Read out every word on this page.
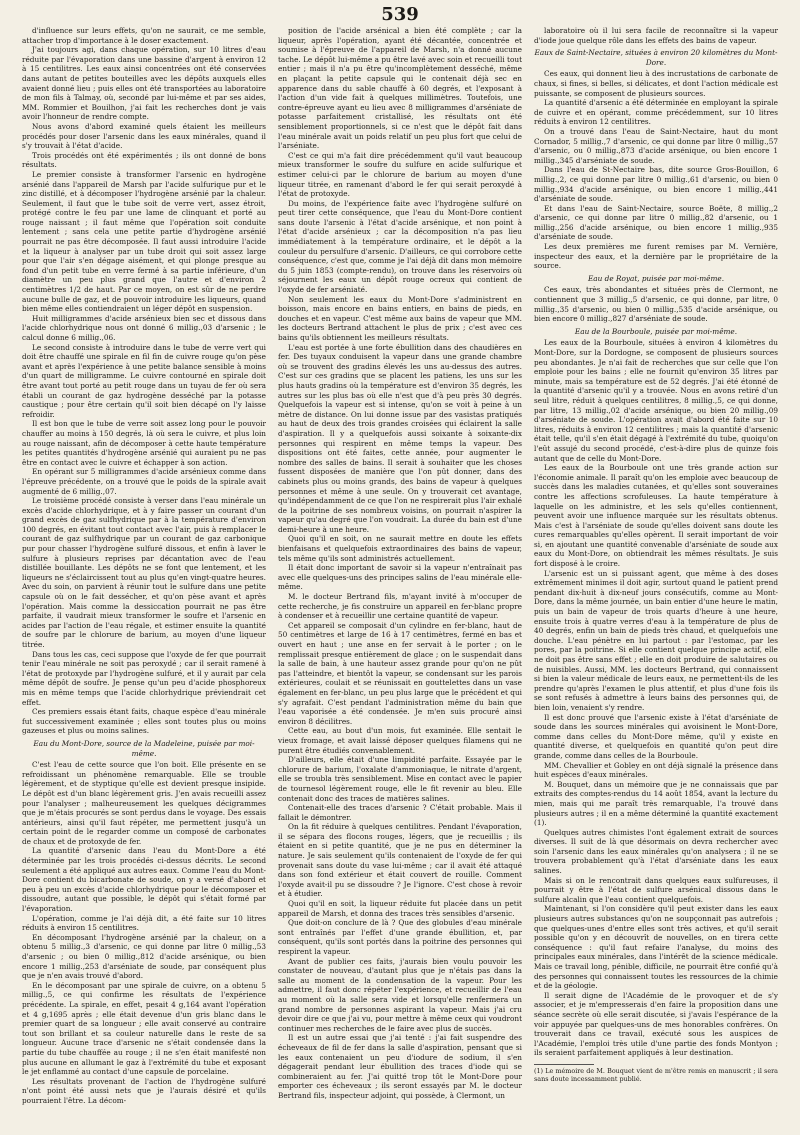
539

d'influence sur leurs effets, qu'on ne saurait, ce me semble, attacher trop d'importance à le doser exactement.

J'ai toujours agi, dans chaque opération, sur 10 litres d'eau réduite par l'évaporation dans une bassine d'argent à environ 12 à 15 centilitres. Les eaux ainsi concentrées ont été conservées dans autant de petites bouteilles avec les dépôts auxquels elles avaient donné lieu ; puis elles ont été transportées au laboratoire de mon fils à Talmay, où, secondé par lui-même et par ses aides, MM. Rommier et Bouilhon, j'ai fait les recherches dont je vais avoir l'honneur de rendre compte.

Nous avons d'abord examiné quels étaient les meilleurs procédés pour doser l'arsenic dans les eaux minérales, quand il s'y trouvait à l'état d'acide.

Trois procédés ont été expérimentés ; ils ont donné de bons résultats.

Le premier consiste à transformer l'arsenic en hydrogène arsénié dans l'appareil de Marsh par l'acide sulfurique pur et le zinc distillé, et à décomposer l'hydrogène arsénié par la chaleur. Seulement, il faut que le tube soit de verre vert, assez étroit, protégé contre le feu par une lame de clinquant et porté au rouge naissant ; il faut même que l'opération soit conduite lentement ; sans cela une petite partie d'hydrogène arsénié pourrait ne pas être décomposée. Il faut aussi introduire l'acide et la liqueur à analyser par un tube droit qui soit assez large pour que l'air s'en dégage aisément, et qui plonge presque au fond d'un petit tube en verre fermé à sa partie inférieure, d'un diamètre un peu plus grand que l'autre et d'environ 2 centimètres 1/2 de haut. Par ce moyen, on est sûr de ne perdre aucune bulle de gaz, et de pouvoir introduire les liqueurs, quand bien même elles contiendraient un léger dépôt en suspension.

Huit milligrammes d'acide arsénieux bien sec et dissous dans l'acide chlorhydrique nous ont donné 6 millig.,03 d'arsenic ; le calcul donne 6 millig.,06.

Le second consiste à introduire dans le tube de verre vert qui doit être chauffé une spirale en fil fin de cuivre rouge qu'on pèse avant et après l'expérience à une petite balance sensible à moins d'un quart de milligramme. Le cuivre contourné en spirale doit être avant tout porté au petit rouge dans un tuyau de fer où sera établi un courant de gaz hydrogène desséché par la potasse caustique ; pour être certain qu'il soit bien décapé on l'y laisse refroidir.

Il est bon que le tube de verre soit assez long pour le pouvoir chauffer au moins à 150 degrés, là où sera le cuivre, et plus loin au rouge naissant, afin de décomposer à cette haute température les petites quantités d'hydrogène arsénié qui auraient pu ne pas être en contact avec le cuivre et échapper à son action.

En opérant sur 5 milligrammes d'acide arsénieux comme dans l'épreuve précédente, on a trouvé que le poids de la spirale avait augmenté de 6 millig.,07.

Le troisième procédé consiste à verser dans l'eau minérale un excès d'acide chlorhydrique, et à y faire passer un courant d'un grand excès de gaz sulfhydrique par à la température d'environ 100 degrés, en évitant tout contact avec l'air, puis à remplacer le courant de gaz sulfhydrique par un courant de gaz carbonique pur pour chasser l'hydrogène sulfuré dissous, et enfin à laver le sulfure à plusieurs reprises par décantation avec de l'eau distillée bouillante. Les dépôts ne se font que lentement, et les liqueurs ne s'éclaircissent tout au plus qu'en vingt-quatre heures. Avec du soin, on parvient à réunir tout le sulfure dans une petite capsule où on le fait dessécher, et qu'on pèse avant et après l'opération. Mais comme la dessiccation pourrait ne pas être parfaite, il vaudrait mieux transformer le soufre et l'arsenic en acides par l'action de l'eau régale, et estimer ensuite la quantité de soufre par le chlorure de barium, au moyen d'une liqueur titrée.

Dans tous les cas, ceci suppose que l'oxyde de fer que pourrait tenir l'eau minérale ne soit pas peroxydé ; car il serait ramené à l'état de protoxyde par l'hydrogène sulfuré, et il y aurait par cela même dépôt de soufre. Je pense qu'un peu d'acide phosphoreux mis en même temps que l'acide chlorhydrique préviendrait cet effet.

Ces premiers essais étant faits, chaque espèce d'eau minérale fut successivement examinée ; elles sont toutes plus ou moins gazeuses et plus ou moins salines.

Eau du Mont-Dore, source de la Madeleine, puisée par moi-même.

C'est l'eau de cette source que l'on boit. Elle présente en se refroidissant un phénomène remarquable. Elle se trouble légèrement, et de styptique qu'elle est devient presque insipide. Le dépôt est d'un blanc légèrement gris. J'en avais recueilli assez pour l'analyser ; malheureusement les quelques décigrammes que je m'étais procurés se sont perdus dans le voyage. Des essais antérieurs, ainsi qu'il faut répéter, me permettent jusqu'à un certain point de le regarder comme un composé de carbonates de chaux et de protoxyde de fer.

La quantité d'arsenic dans l'eau du Mont-Dore a été déterminée par les trois procédés ci-dessus décrits. Le second seulement a été appliqué aux autres eaux. Comme l'eau du Mont-Dore contient du bicarbonate de soude, on y a versé d'abord et peu à peu un excès d'acide chlorhydrique pour le décomposer et dissoudre, autant que possible, le dépôt qui s'était formé par l'évaporation.

L'opération, comme je l'ai déjà dit, a été faite sur 10 litres réduits à environ 15 centilitres.

En décomposant l'hydrogène arsénié par la chaleur, on a obtenu 5 millig.,3 d'arsenic, ce qui donne par litre 0 millig.,53 d'arsenic ; ou bien 0 millig.,812 d'acide arsénique, ou bien encore 1 millig.,253 d'arséniate de soude, par conséquent plus que je n'en avais trouvé d'abord.

En le décomposant par une spirale de cuivre, on a obtenu 5 millig.,5, ce qui confirme les résultats de l'expérience précédente. La spirale, en effet, pesait 4 g,164 avant l'opération et 4 g,1695 après ; elle était devenue d'un gris blanc dans le premier quart de sa longueur ; elle avait conservé au contraire tout son brillant et sa couleur naturelle dans le reste de sa longueur. Aucune trace d'arsenic ne s'était condensée dans la partie du tube chauffée au rouge ; il ne s'en était manifesté non plus aucune en allumant le gaz à l'extrémité du tube et exposant le jet enflammé au contact d'une capsule de porcelaine.

Les résultats provenant de l'action de l'hydrogène sulfuré n'ont point été aussi nets que je l'aurais désiré et qu'ils pourraient l'être. La décom-

position de l'acide arsénical a bien été complète ; car la liqueur, après l'opération, ayant été décantée, concentrée et soumise à l'épreuve de l'appareil de Marsh, n'a donné aucune tache. Le dépôt lui-même a pu être lavé avec soin et recueilli tout entier ; mais il n'a pu être qu'incomplètement desséché, même en plaçant la petite capsule qui le contenait déjà sec en apparence dans du sable chauffé à 60 degrés, et l'exposant à l'action d'un vide fait à quelques millimètres. Toutefois, une contre-épreuve ayant eu lieu avec 8 milligrammes d'arséniate de potasse parfaitement cristallisé, les résultats ont été sensiblement proportionnels, si ce n'est que le dépôt fait dans l'eau minérale avait un poids relatif un peu plus fort que celui de l'arséniate.

C'est ce qui m'a fait dire précédemment qu'il vaut beaucoup mieux transformer le soufre du sulfure en acide sulfurique et estimer celui-ci par le chlorure de barium au moyen d'une liqueur titrée, en ramenant d'abord le fer qui serait peroxydé à l'état de protoxyde.

Du moins, de l'expérience faite avec l'hydrogène sulfuré on peut tirer cette conséquence, que l'eau du Mont-Dore contient sans doute l'arsenic à l'état d'acide arsénique, et non point à l'état d'acide arsénieux ; car la décomposition n'a pas lieu immédiatement à la température ordinaire, et le dépôt a la couleur du persulfure d'arsenic. D'ailleurs, ce qui corrobore cette conséquence, c'est que, comme je l'ai déjà dit dans mon mémoire du 5 juin 1853 (compte-rendu), on trouve dans les réservoirs où séjournent les eaux un dépôt rouge ocreux qui contient de l'oxyde de fer arséniaté.

Non seulement les eaux du Mont-Dore s'administrent en boisson, mais encore en bains entiers, en bains de pieds, en douches et en vapeur. C'est même aux bains de vapeur que MM. les docteurs Bertrand attachent le plus de prix ; c'est avec ces bains qu'ils obtiennent les meilleurs résultats.

L'eau est portée à une forte ébullition dans des chaudières en fer. Des tuyaux conduisent la vapeur dans une grande chambre où se trouvent des gradins élevés les uns au-dessus des autres. C'est sur ces gradins que se placent les patiens, les uns sur les plus hauts gradins où la température est d'environ 35 degrés, les autres sur les plus bas où elle n'est que d'à peu près 30 degrés. Quelquefois la vapeur est si intense, qu'on se voit à peine à un mètre de distance. On lui donne issue par des vasistas pratiqués au haut de deux des trois grandes croisées qui éclairent la salle d'aspiration. Il y a quelquefois aussi soixante à soixante-dix personnes qui respirent en même temps la vapeur. Des dispositions ont été faites, cette année, pour augmenter le nombre des salles de bains. Il serait à souhaiter que les choses fussent disposées de manière que l'on pût donner, dans des cabinets plus ou moins grands, des bains de vapeur à quelques personnes et même à une seule. On y trouverait cet avantage, qu'indépendamment de ce que l'on ne respirerait plus l'air exhalé de la poitrine de ses nombreux voisins, on pourrait n'aspirer la vapeur qu'au degré que l'on voudrait. La durée du bain est d'une demi-heure à une heure.

Quoi qu'il en soit, on ne saurait mettre en doute les effets bienfaisans et quelquefois extraordinaires des bains de vapeur, tels même qu'ils sont administrés actuellement.

Il était donc important de savoir si la vapeur n'entraînait pas avec elle quelques-uns des principes salins de l'eau minérale elle-même.

M. le docteur Bertrand fils, m'ayant invité à m'occuper de cette recherche, je fis construire un appareil en fer-blanc propre à condenser et à recueillir une certaine quantité de vapeur.

Cet appareil se composait d'un cylindre en fer-blanc, haut de 50 centimètres et large de 16 à 17 centimètres, fermé en bas et ouvert en haut ; une anse en fer servait à le porter ; on le remplissait presque entièrement de glace ; on le suspendait dans la salle de bain, à une hauteur assez grande pour qu'on ne pût pas l'atteindre, et bientôt la vapeur, se condensant sur les parois extérieures, coulait et se réunissait en gouttelettes dans un vase également en fer-blanc, un peu plus large que le précédent et qui s'y agrafait. C'est pendant l'administration même du bain que l'eau vaporisée a été condensée. Je m'en suis procuré ainsi environ 8 décilitres.

Cette eau, au bout d'un mois, fut examinée. Elle sentait le vieux fromage, et avait laissé déposer quelques filamens qui ne purent être étudiés convenablement.

D'ailleurs, elle était d'une limpidité parfaite. Essayée par le chlorure de barium, l'oxalate d'ammoniaque, le nitrate d'argent, elle se troubla très sensiblement. Mise en contact avec le papier de tournesol légèrement rouge, elle le fit revenir au bleu. Elle contenait donc des traces de matières salines.

Contenait-elle des traces d'arsenic ? C'était probable. Mais il fallait le démontrer.

On la fit réduire à quelques centilitres. Pendant l'évaporation, il se sépara des flocons rouges, légers, que je recueillis ; ils étaient en si petite quantité, que je ne pus en déterminer la nature. Je sais seulement qu'ils contenaient de l'oxyde de fer qui provenait sans doute du vase lui-même ; car il avait été attaqué dans son fond extérieur et était couvert de rouille. Comment l'oxyde avait-il pu se dissoudre ? Je l'ignore. C'est chose à revoir et à étudier.

Quoi qu'il en soit, la liqueur réduite fut placée dans un petit appareil de Marsh, et donna des traces très sensibles d'arsenic.

Que doit-on conclure de là ? Que des globules d'eau minérale sont entraînés par l'effet d'une grande ébullition, et, par conséquent, qu'ils sont portés dans la poitrine des personnes qui respirent la vapeur.

Avant de publier ces faits, j'aurais bien voulu pouvoir les constater de nouveau, d'autant plus que je n'étais pas dans la salle au moment de la condensation de la vapeur. Pour les admettre, il faut donc répéter l'expérience, et recueillir de l'eau au moment où la salle sera vide et lorsqu'elle renfermera un grand nombre de personnes aspirant la vapeur. Mais j'ai cru devoir dire ce que j'ai vu, pour mettre à même ceux qui voudront continuer mes recherches de le faire avec plus de succès.

Il est un autre essai que j'ai tenté : j'ai fait suspendre des écheveaux de fil de fer dans la salle d'aspiration, pensant que si les eaux contenaient un peu d'iodure de sodium, il s'en dégagerait pendant leur ébullition des traces d'iode qui se combineraient au fer. J'ai quitté trop tôt le Mont-Dore pour emporter ces écheveaux ; ils seront essayés par M. le docteur Bertrand fils, inspecteur adjoint, qui possède, à Clermont, un

laboratoire où il lui sera facile de reconnaître si la vapeur d'iode joue quelque rôle dans les effets des bains de vapeur.

Eaux de Saint-Nectaire, situées à environ 20 kilomètres du Mont-Dore.

Ces eaux, qui donnent lieu à des incrustations de carbonate de chaux, si fines, si belles, si délicates, et dont l'action médicale est puissante, se composent de plusieurs sources.

La quantité d'arsenic a été déterminée en employant la spirale de cuivre et en opérant, comme précédemment, sur 10 litres réduits à environ 12 centilitres.

On a trouvé dans l'eau de Saint-Nectaire, haut du mont Cornador, 5 millig.,7 d'arsenic, ce qui donne par litre 0 millig.,57 d'arsenic, ou 0 millig.,873 d'acide arsénique, ou bien encore 1 millig.,345 d'arséniate de soude.

Dans l'eau de St-Nectaire bas, dite source Gros-Bouillon, 6 millig.,2, ce qui donne par litre 0 millig.,61 d'arsenic, ou bien 0 millig.,934 d'acide arsénique, ou bien encore 1 millig.,441 d'arséniate de soude.

Et dans l'eau de Saint-Nectaire, source Boëte, 8 millig.,2 d'arsenic, ce qui donne par litre 0 millig.,82 d'arsenic, ou 1 millig.,256 d'acide arsénique, ou bien encore 1 millig.,935 d'arséniate de soude.

Les deux premières me furent remises par M. Vernière, inspecteur des eaux, et la dernière par le propriétaire de la source.

Eau de Royat, puisée par moi-même.

Ces eaux, très abondantes et situées près de Clermont, ne contiennent que 3 millig.,5 d'arsenic, ce qui donne, par litre, 0 millig.,35 d'arsenic, ou bien 0 millig.,535 d'acide arsénique, ou bien encore 0 millig.,827 d'arséniate de soude.

Eau de la Bourboule, puisée par moi-même.

Les eaux de la Bourboule, situées à environ 4 kilomètres du Mont-Dore, sur la Dordogne, se composent de plusieurs sources peu abondantes. Je n'ai fait de recherches que sur celle que l'on emploie pour les bains ; elle ne fournit qu'environ 35 litres par minute, mais sa température est de 52 degrés. J'ai été étonné de la quantité d'arsenic qu'il y a trouvée. Nous en avons retiré d'un seul litre, réduit à quelques centilitres, 8 millig.,5, ce qui donne, par litre, 13 millig.,02 d'acide arsénique, ou bien 20 millig.,09 d'arséniate de soude. L'opération avait d'abord été faite sur 10 litres, réduits à environ 12 centilitres ; mais la quantité d'arsenic était telle, qu'il s'en était dégagé à l'extrémité du tube, quoiqu'on l'eût assujé du second procédé, c'est-à-dire plus de quinze fois autant que de celle du Mont-Dore.

Les eaux de la Bourboule ont une très grande action sur l'économie animale. Il paraît qu'on les emploie avec beaucoup de succès dans les maladies cutanées, et qu'elles sont souveraines contre les affections scrofuleuses. La haute température à laquelle on les administre, et les sels qu'elles contiennent, peuvent avoir une influence marquée sur les résultats obtenus. Mais c'est à l'arséniate de soude qu'elles doivent sans doute les cures remarquables qu'elles opèrent. Il serait important de voir si, en ajoutant une quantité convenable d'arséniate de soude aux eaux du Mont-Dore, on obtiendrait les mêmes résultats. Je suis fort disposé à le croire.

L'arsenic est un si puissant agent, que même à des doses extrêmement minimes il doit agir, surtout quand le patient prend pendant dix-huit à dix-neuf jours consécutifs, comme au Mont-Dore, dans la même journée, un bain entier d'une heure le matin, puis un bain de vapeur de trois quarts d'heure à une heure, ensuite trois à quatre verres d'eau à la température de plus de 40 degrés, enfin un bain de pieds très chaud, et quelquefois une douche. L'eau pénètre en lui partout : par l'estomac, par les pores, par la poitrine. Si elle contient quelque principe actif, elle ne doit pas être sans effet ; elle en doit produire de salutaires ou de nuisibles. Aussi, MM. les docteurs Bertrand, qui connaissent si bien la valeur médicale de leurs eaux, ne permettent-ils de les prendre qu'après l'examen le plus attentif, et plus d'une fois ils se sont refusés à admettre à leurs bains des personnes qui, de bien loin, venaient s'y rendre.

Il est donc prouvé que l'arsenic existe à l'état d'arséniate de soude dans les sources minérales qui avoisinent le Mont-Dore, comme dans celles du Mont-Dore même, qu'il y existe en quantité diverse, et quelquefois en quantité qu'on peut dire grande, comme dans celles de la Bourboule.

MM. Chevallier et Gobley en ont déjà signalé la présence dans huit espèces d'eaux minérales.

M. Bouquet, dans un mémoire que je ne connaissais que par extraits des comptes-rendus du 14 août 1854, avant la lecture du mien, mais qui me paraît très remarquable, l'a trouvé dans plusieurs autres ; il en a même déterminé la quantité exactement (1).

Quelques autres chimistes l'ont également extrait de sources diverses. Il suit de là que désormais on devra rechercher avec soin l'arsenic dans les eaux minérales qu'on analysera ; il ne se trouvera probablement qu'à l'état d'arséniate dans les eaux salines.

Mais si on le rencontrait dans quelques eaux sulfureuses, il pourrait y être à l'état de sulfure arsénical dissous dans le sulfure alcalin que l'eau contient quelquefois.

Maintenant, si l'on considère qu'il peut exister dans les eaux plusieurs autres substances qu'on ne soupçonnait pas autrefois ; que quelques-unes d'entre elles sont très actives, et qu'il serait possible qu'on y en découvrît de nouvelles, on en tirera cette conséquence : qu'il faut refaire l'analyse, du moins des principales eaux minérales, dans l'intérêt de la science médicale. Mais ce travail long, pénible, difficile, ne pourrait être confié qu'à des personnes qui connaissent toutes les ressources de la chimie et de la géologie.

Il serait digne de l'Académie de le provoquer et de s'y associer, et je m'empresserais d'en faire la proposition dans une séance secrète où elle serait discutée, si j'avais l'espérance de la voir appuyée par quelques-uns de mes honorables confrères. On trouverait dans ce travail, exécuté sous les auspices de l'Académie, l'emploi très utile d'une partie des fonds Montyon ; ils seraient parfaitement appliqués à leur destination.

(1) Le mémoire de M. Bouquet vient de m'être remis en manuscrit ; il sera sans doute incessamment publié.
